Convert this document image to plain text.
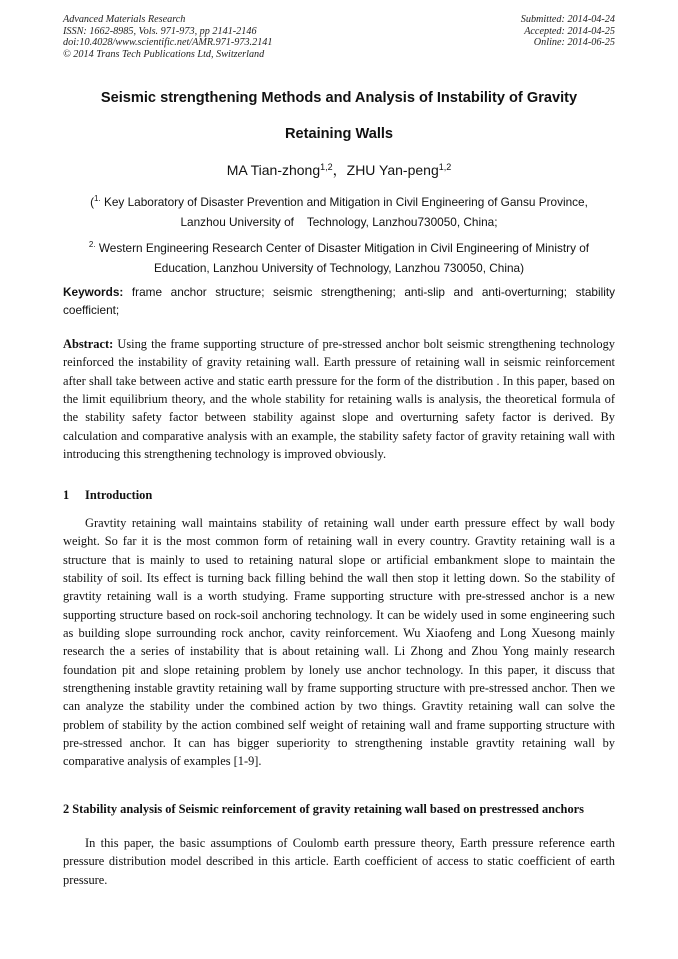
Advanced Materials Research
ISSN: 1662-8985, Vols. 971-973, pp 2141-2146
doi:10.4028/www.scientific.net/AMR.971-973.2141
© 2014 Trans Tech Publications Ltd, Switzerland
Submitted: 2014-04-24
Accepted: 2014-04-25
Online: 2014-06-25
Seismic strengthening Methods and Analysis of Instability of Gravity
Retaining Walls
MA Tian-zhong$^{1,2}$，ZHU Yan-peng$^{1,2}$
($^{1.}$ Key Laboratory of Disaster Prevention and Mitigation in Civil Engineering of Gansu Province,
Lanzhou University of    Technology, Lanzhou730050, China;
$^{2.}$ Western Engineering Research Center of Disaster Mitigation in Civil Engineering of Ministry of
Education, Lanzhou University of Technology, Lanzhou 730050, China)
Keywords: frame anchor structure; seismic strengthening; anti-slip and anti-overturning; stability coefficient;
Abstract: Using the frame supporting structure of pre-stressed anchor bolt seismic strengthening technology reinforced the instability of gravity retaining wall. Earth pressure of retaining wall in seismic reinforcement after shall take between active and static earth pressure for the form of the distribution . In this paper, based on the limit equilibrium theory, and the whole stability for retaining walls is analysis, the theoretical formula of the stability safety factor between stability against slope and overturning safety factor is derived. By calculation and comparative analysis with an example, the stability safety factor of gravity retaining wall with introducing this strengthening technology is improved obviously.
1 Introduction
Gravtity retaining wall maintains stability of retaining wall under earth pressure effect by wall body weight. So far it is the most common form of retaining wall in every country. Gravtity retaining wall is a structure that is mainly to used to retaining natural slope or artificial embankment slope to maintain the stability of soil. Its effect is turning back filling behind the wall then stop it letting down. So the stability of gravtity retaining wall is a worth studying. Frame supporting structure with pre-stressed anchor is a new supporting structure based on rock-soil anchoring technology. It can be widely used in some engineering such as building slope surrounding rock anchor, cavity reinforcement. Wu Xiaofeng and Long Xuesong mainly research the a series of instability that is about retaining wall. Li Zhong and Zhou Yong mainly research foundation pit and slope retaining problem by lonely use anchor technology. In this paper, it discuss that strengthening instable gravtity retaining wall by frame supporting structure with pre-stressed anchor. Then we can analyze the stability under the combined action by two things. Gravtity retaining wall can solve the problem of stability by the action combined self weight of retaining wall and frame supporting structure with pre-stressed anchor. It can has bigger superiority to strengthening instable gravtity retaining wall by comparative analysis of examples [1-9].
2 Stability analysis of Seismic reinforcement of gravity retaining wall based on prestressed anchors
In this paper, the basic assumptions of Coulomb earth pressure theory, Earth pressure reference earth pressure distribution model described in this article. Earth coefficient of access to static coefficient of earth pressure.
